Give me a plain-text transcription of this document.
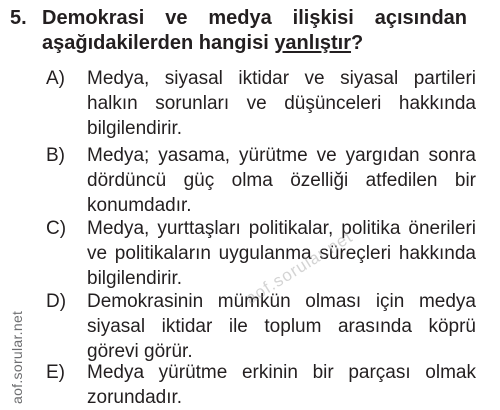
5. Demokrasi ve medya ilişkisi açısından aşağıdakilerden hangisi yanlıştır?
A) Medya, siyasal iktidar ve siyasal partileri halkın sorunları ve düşünceleri hakkında bilgilendirir.
B) Medya; yasama, yürütme ve yargıdan sonra dördüncü güç olma özelliği atfedilen bir konumdadır.
C) Medya, yurttaşları politikalar, politika önerileri ve politikaların uygulanma süreçleri hakkında bilgilendirir.
D) Demokrasinin mümkün olması için medya siyasal iktidar ile toplum arasında köprü görevi görür.
E) Medya yürütme erkinin bir parçası olmak zorundadır.
aof.sorular.net
aof.sorular.net
